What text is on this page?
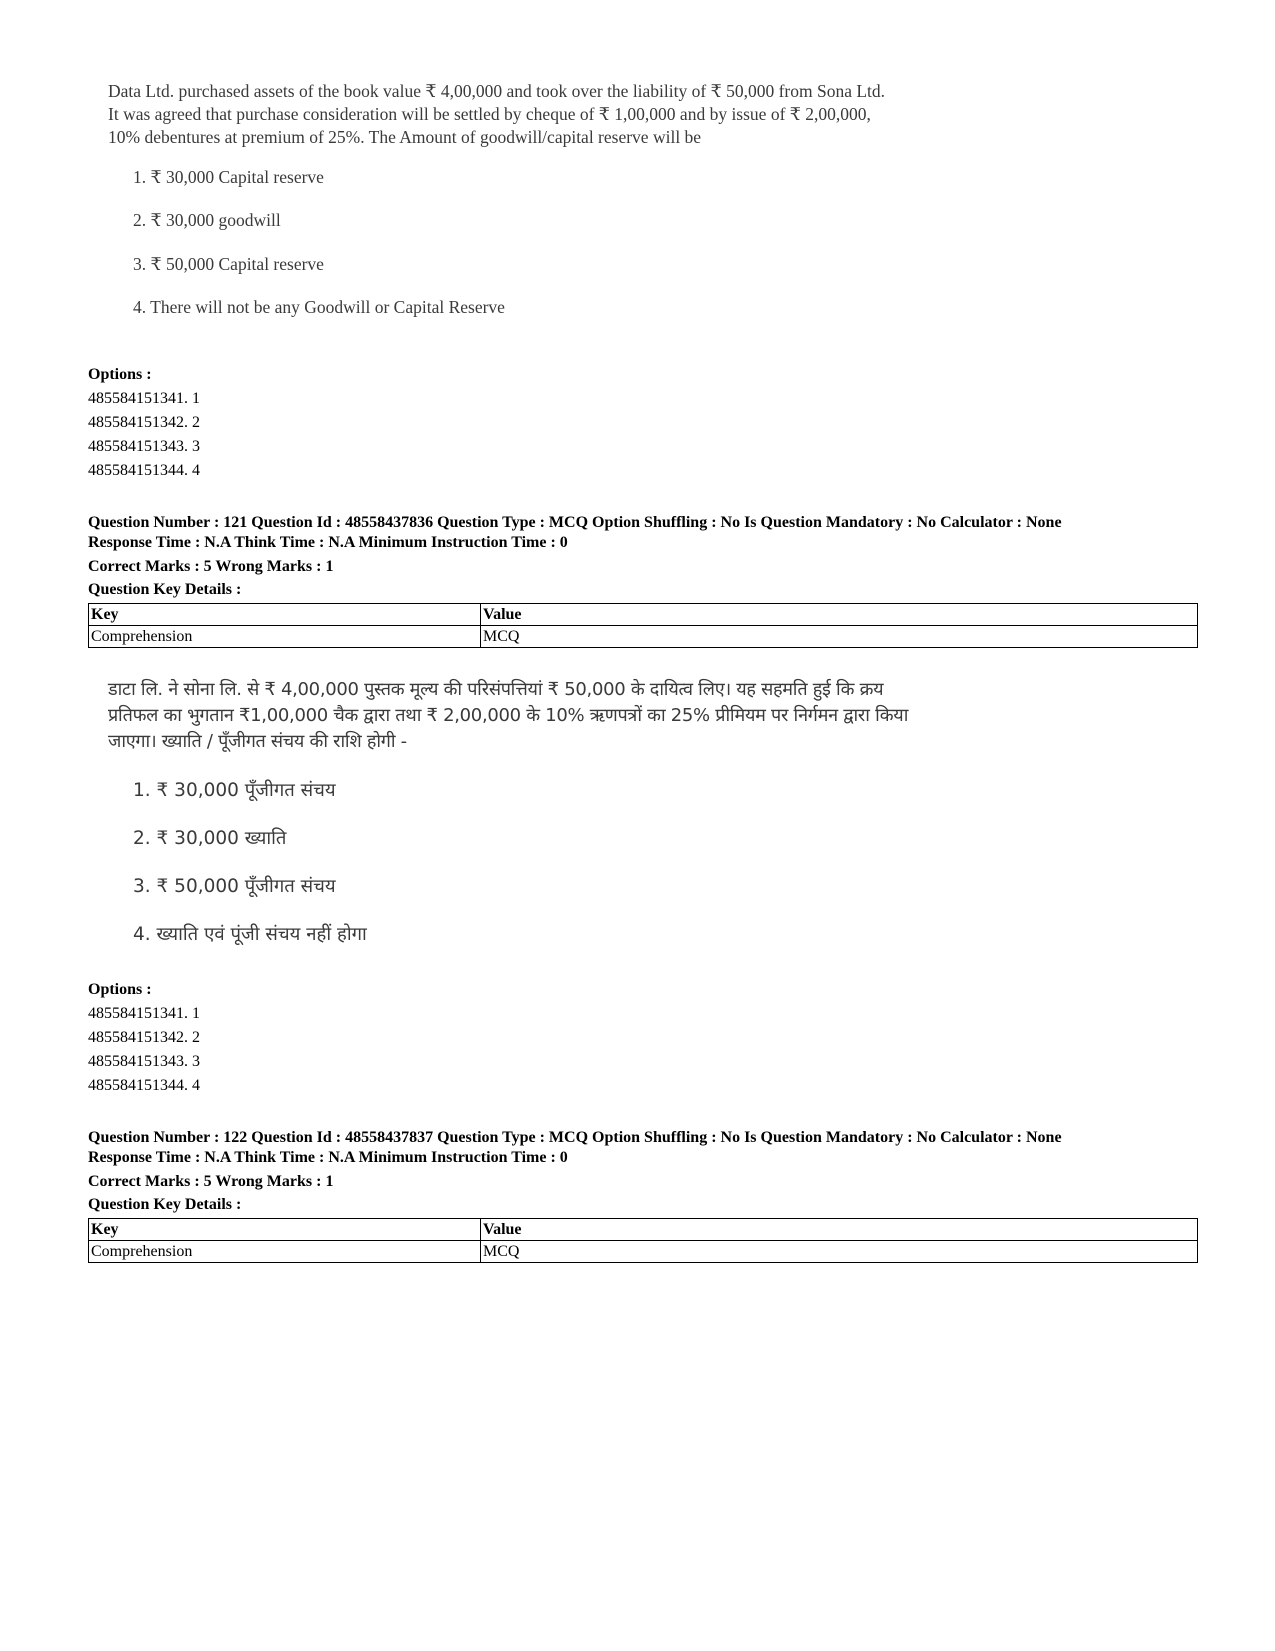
Data Ltd. purchased assets of the book value ₹ 4,00,000 and took over the liability of ₹ 50,000 from Sona Ltd.

It was agreed that purchase consideration will be settled by cheque of ₹ 1,00,000 and by issue of ₹ 2,00,000,

10% debentures at premium of 25%. The Amount of goodwill/capital reserve will be

1. ₹ 30,000 Capital reserve
2. ₹ 30,000 goodwill
3. ₹ 50,000 Capital reserve
4. There will not be any Goodwill or Capital Reserve
Options :
485584151341. 1
485584151342. 2
485584151343. 3
485584151344. 4
Question Number : 121 Question Id : 48558437836 Question Type : MCQ Option Shuffling : No Is Question Mandatory : No Calculator : None
Response Time : N.A Think Time : N.A Minimum Instruction Time : 0
Correct Marks : 5 Wrong Marks : 1
Question Key Details :
Key	Value
Comprehension	MCQ

डाटा लि. ने सोना लि. से ₹ 4,00,000 पुस्तक मूल्य की परिसंपत्तियां ₹ 50,000 के दायित्व लिए। यह सहमति हुई कि क्रय

प्रतिफल का भुगतान ₹1,00,000 चैक द्वारा तथा ₹ 2,00,000 के 10% ऋणपत्रों का 25% प्रीमियम पर निर्गमन द्वारा किया

जाएगा। ख्याति / पूँजीगत संचय की राशि होगी -

1. ₹ 30,000 पूँजीगत संचय
2. ₹ 30,000 ख्याति
3. ₹ 50,000 पूँजीगत संचय
4. ख्याति एवं पूंजी संचय नहीं होगा
Options :
485584151341. 1
485584151342. 2
485584151343. 3
485584151344. 4
Question Number : 122 Question Id : 48558437837 Question Type : MCQ Option Shuffling : No Is Question Mandatory : No Calculator : None
Response Time : N.A Think Time : N.A Minimum Instruction Time : 0
Correct Marks : 5 Wrong Marks : 1
Question Key Details :
Key	Value
Comprehension	MCQ
